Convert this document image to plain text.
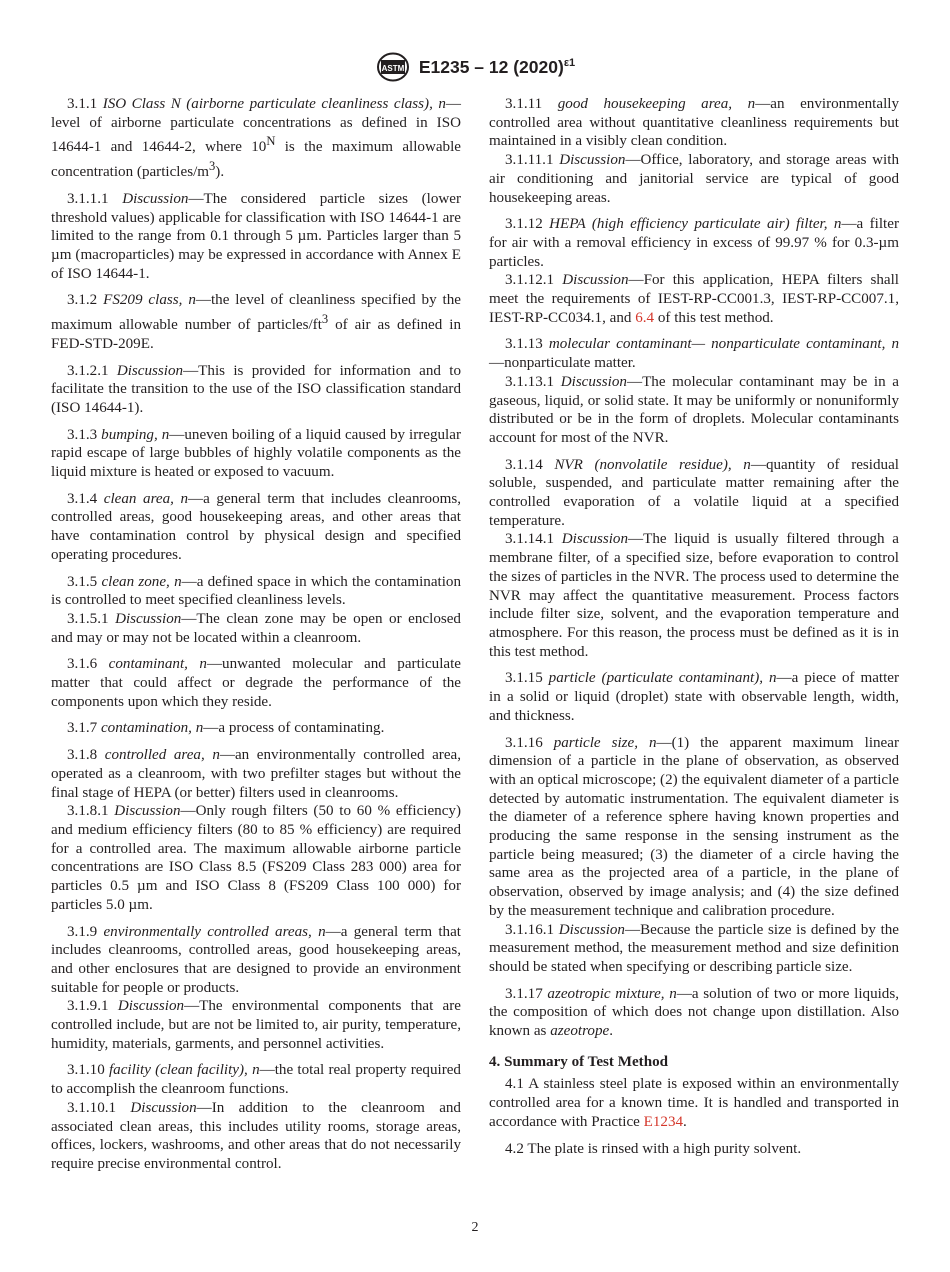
ASTM E1235 – 12 $(2020)^{\varepsilon 1}$

3.1.1 ISO Class N (airborne particulate cleanliness class), n—level of airborne particulate concentrations as defined in ISO 14644-1 and 14644-2, where $10^N$ is the maximum allowable concentration $(particles/m^3)$.

3.1.1.1 Discussion—The considered particle sizes (lower threshold values) applicable for classification with ISO 14644-1 are limited to the range from 0.1 through 5 µm. Particles larger than 5 µm (macroparticles) may be expressed in accordance with Annex E of ISO 14644-1.

3.1.2 FS209 class, n—the level of cleanliness specified by the maximum allowable number of particles/$ft^3$ of air as defined in FED-STD-209E.

3.1.2.1 Discussion—This is provided for information and to facilitate the transition to the use of the ISO classification standard (ISO 14644-1).

3.1.3 bumping, n—uneven boiling of a liquid caused by irregular rapid escape of large bubbles of highly volatile components as the liquid mixture is heated or exposed to vacuum.

3.1.4 clean area, n—a general term that includes cleanrooms, controlled areas, good housekeeping areas, and other areas that have contamination control by physical design and specified operating procedures.

3.1.5 clean zone, n—a defined space in which the contamination is controlled to meet specified cleanliness levels.

3.1.5.1 Discussion—The clean zone may be open or enclosed and may or may not be located within a cleanroom.

3.1.6 contaminant, n—unwanted molecular and particulate matter that could affect or degrade the performance of the components upon which they reside.

3.1.7 contamination, n—a process of contaminating.

3.1.8 controlled area, n—an environmentally controlled area, operated as a cleanroom, with two prefilter stages but without the final stage of HEPA (or better) filters used in cleanrooms.

3.1.8.1 Discussion—Only rough filters (50 to 60 % efficiency) and medium efficiency filters (80 to 85 % efficiency) are required for a controlled area. The maximum allowable airborne particle concentrations are ISO Class 8.5 (FS209 Class 283 000) area for particles 0.5 µm and ISO Class 8 (FS209 Class 100 000) for particles 5.0 µm.

3.1.9 environmentally controlled areas, n—a general term that includes cleanrooms, controlled areas, good housekeeping areas, and other enclosures that are designed to provide an environment suitable for people or products.

3.1.9.1 Discussion—The environmental components that are controlled include, but are not be limited to, air purity, temperature, humidity, materials, garments, and personnel activities.

3.1.10 facility (clean facility), n—the total real property required to accomplish the cleanroom functions.

3.1.10.1 Discussion—In addition to the cleanroom and associated clean areas, this includes utility rooms, storage areas, offices, lockers, washrooms, and other areas that do not necessarily require precise environmental control.

3.1.11 good housekeeping area, n—an environmentally controlled area without quantitative cleanliness requirements but maintained in a visibly clean condition.

3.1.11.1 Discussion—Office, laboratory, and storage areas with air conditioning and janitorial service are typical of good housekeeping areas.

3.1.12 HEPA (high efficiency particulate air) filter, n—a filter for air with a removal efficiency in excess of 99.97 % for 0.3-µm particles.

3.1.12.1 Discussion—For this application, HEPA filters shall meet the requirements of IEST-RP-CC001.3, IEST-RP-CC007.1, IEST-RP-CC034.1, and 6.4 of this test method.

3.1.13 molecular contaminant— nonparticulate contaminant, n—nonparticulate matter.

3.1.13.1 Discussion—The molecular contaminant may be in a gaseous, liquid, or solid state. It may be uniformly or nonuniformly distributed or be in the form of droplets. Molecular contaminants account for most of the NVR.

3.1.14 NVR (nonvolatile residue), n—quantity of residual soluble, suspended, and particulate matter remaining after the controlled evaporation of a volatile liquid at a specified temperature.

3.1.14.1 Discussion—The liquid is usually filtered through a membrane filter, of a specified size, before evaporation to control the sizes of particles in the NVR. The process used to determine the NVR may affect the quantitative measurement. Process factors include filter size, solvent, and the evaporation temperature and atmosphere. For this reason, the process must be defined as it is in this test method.

3.1.15 particle (particulate contaminant), n—a piece of matter in a solid or liquid (droplet) state with observable length, width, and thickness.

3.1.16 particle size, n—(1) the apparent maximum linear dimension of a particle in the plane of observation, as observed with an optical microscope; (2) the equivalent diameter of a particle detected by automatic instrumentation. The equivalent diameter is the diameter of a reference sphere having known properties and producing the same response in the sensing instrument as the particle being measured; (3) the diameter of a circle having the same area as the projected area of a particle, in the plane of observation, observed by image analysis; and (4) the size defined by the measurement technique and calibration procedure.

3.1.16.1 Discussion—Because the particle size is defined by the measurement method, the measurement method and size definition should be stated when specifying or describing particle size.

3.1.17 azeotropic mixture, n—a solution of two or more liquids, the composition of which does not change upon distillation. Also known as azeotrope.

4. Summary of Test Method

4.1 A stainless steel plate is exposed within an environmentally controlled area for a known time. It is handled and transported in accordance with Practice E1234.

4.2 The plate is rinsed with a high purity solvent.

2
